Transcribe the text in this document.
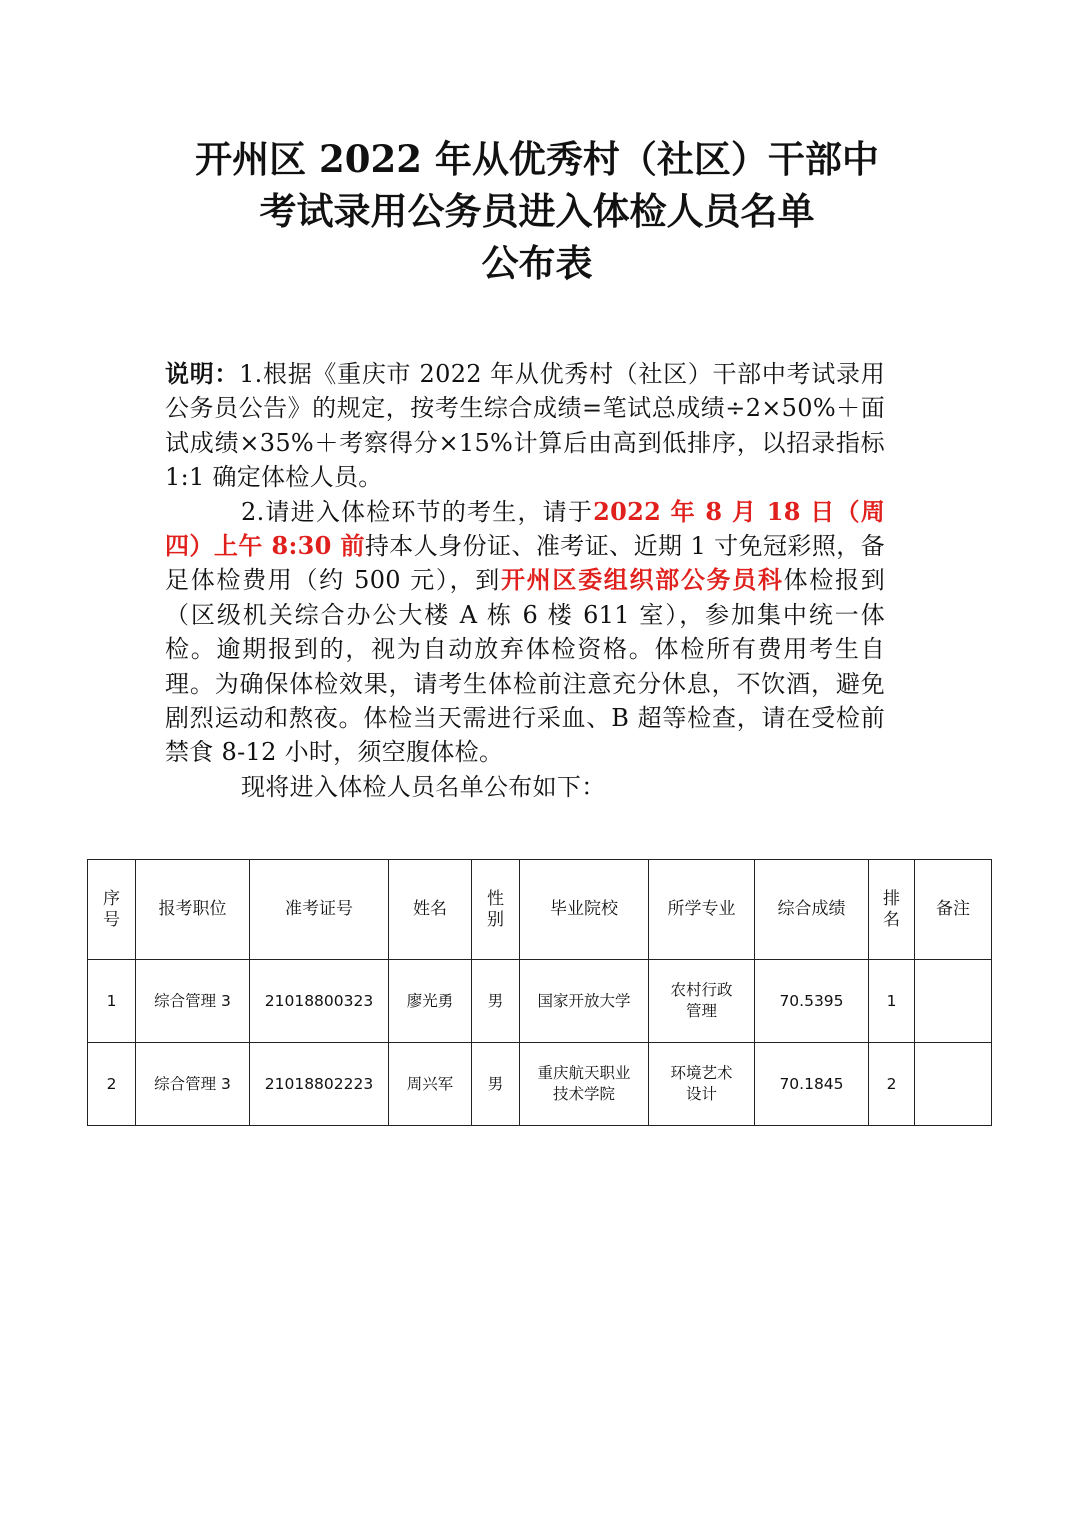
开州区 2022 年从优秀村（社区）干部中
考试录用公务员进入体检人员名单
公布表

说明：1.根据《重庆市 2022 年从优秀村（社区）干部中考试录用公务员公告》的规定，按考生综合成绩=笔试总成绩÷2×50%＋面试成绩×35%＋考察得分×15%计算后由高到低排序，以招录指标 1:1 确定体检人员。

2.请进入体检环节的考生，请于2022 年 8 月 18 日（周四）上午 8:30 前持本人身份证、准考证、近期 1 寸免冠彩照，备足体检费用（约 500 元），到开州区委组织部公务员科体检报到（区级机关综合办公大楼 A 栋 6 楼 611 室），参加集中统一体检。逾期报到的，视为自动放弃体检资格。体检所有费用考生自理。为确保体检效果，请考生体检前注意充分休息，不饮酒，避免剧烈运动和熬夜。体检当天需进行采血、B 超等检查，请在受检前禁食 8-12 小时，须空腹体检。

现将进入体检人员名单公布如下：

序号	报考职位	准考证号	姓名	性别	毕业院校	所学专业	综合成绩	排名	备注
1	综合管理 3	21018800323	廖光勇	男	国家开放大学	农村行政管理	70.5395	1	
2	综合管理 3	21018802223	周兴军	男	重庆航天职业技术学院	环境艺术设计	70.1845	2	
